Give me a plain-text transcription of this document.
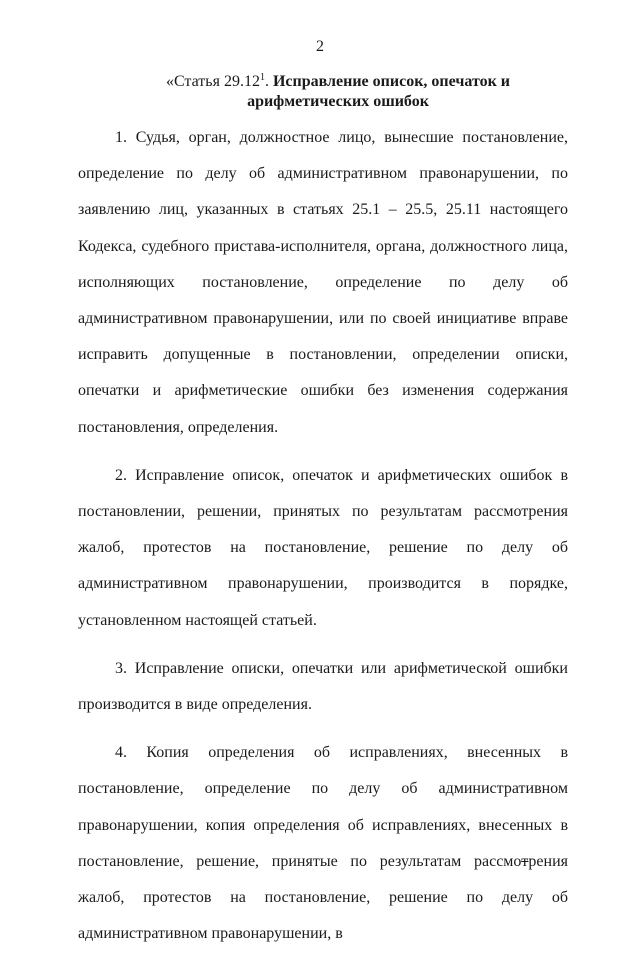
2
«Статья 29.12$^1$. Исправление описок, опечаток и арифметических ошибок

1. Судья, орган, должностное лицо, вынесшие постановление, определение по делу об административном правонарушении, по заявлению лиц, указанных в статьях 25.1 – 25.5, 25.11 настоящего Кодекса, судебного пристава-исполнителя, органа, должностного лица, исполняющих постановление, определение по делу об административном правонарушении, или по своей инициативе вправе исправить допущенные в постановлении, определении описки, опечатки и арифметические ошибки без изменения содержания постановления, определения.

2. Исправление описок, опечаток и арифметических ошибок в постановлении, решении, принятых по результатам рассмотрения жалоб, протестов на постановление, решение по делу об административном правонарушении, производится в порядке, установленном настоящей статьей.

3. Исправление описки, опечатки или арифметической ошибки производится в виде определения.

4. Копия определения об исправлениях, внесенных в постановление, определение по делу об административном правонарушении, копия определения об исправлениях, внесенных в постановление, решение, принятые по результатам рассмотрения жалоб, протестов на постановление, решение по делу об административном правонарушении, в
